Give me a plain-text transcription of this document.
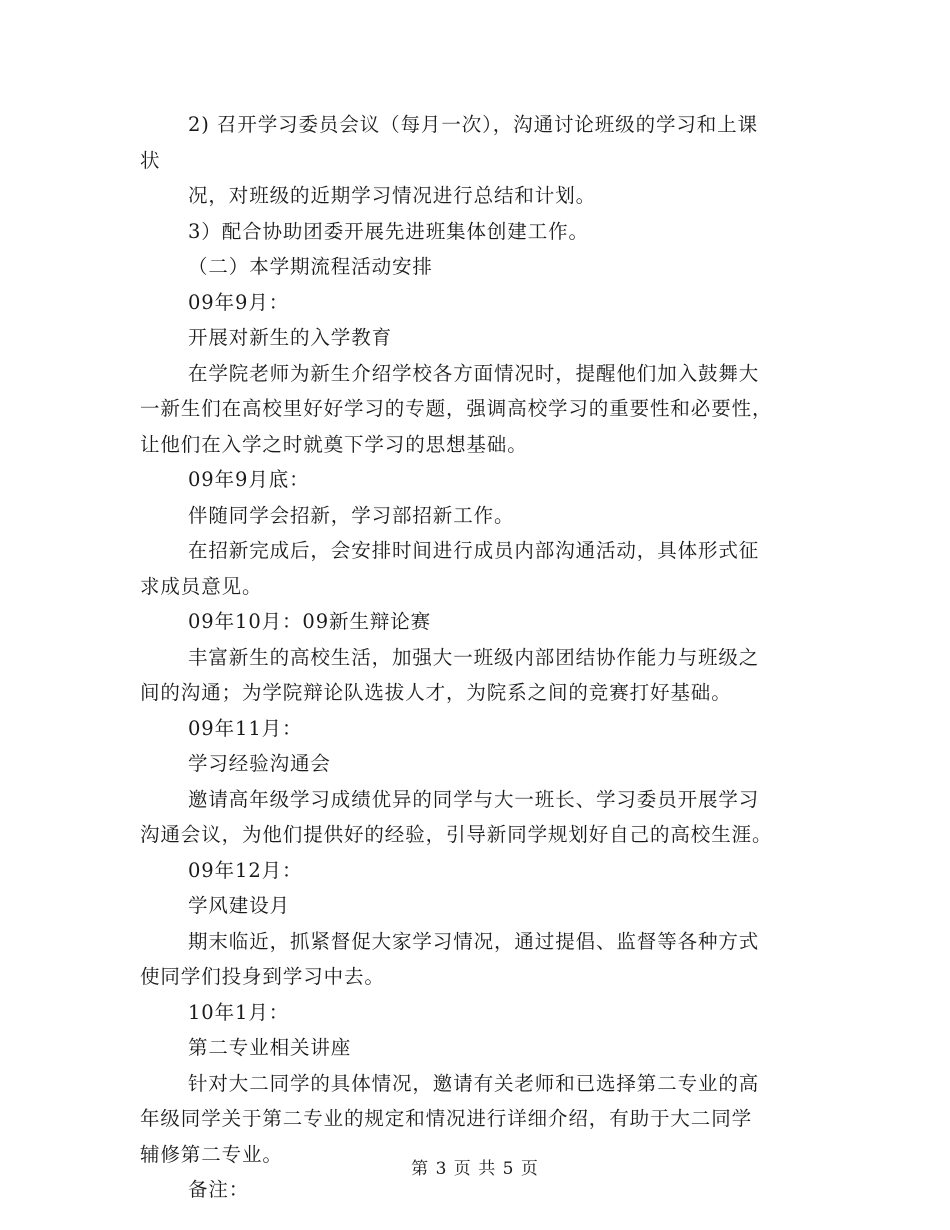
2) 召开学习委员会议（每月一次），沟通讨论班级的学习和上课

状

况，对班级的近期学习情况进行总结和计划。

3）配合协助团委开展先进班集体创建工作。

（二）本学期流程活动安排

09年9月：

开展对新生的入学教育

在学院老师为新生介绍学校各方面情况时，提醒他们加入鼓舞大

一新生们在高校里好好学习的专题，强调高校学习的重要性和必要性，

让他们在入学之时就奠下学习的思想基础。

09年9月底：

伴随同学会招新，学习部招新工作。

在招新完成后，会安排时间进行成员内部沟通活动，具体形式征

求成员意见。

09年10月：09新生辩论赛

丰富新生的高校生活，加强大一班级内部团结协作能力与班级之

间的沟通；为学院辩论队选拔人才，为院系之间的竞赛打好基础。

09年11月：

学习经验沟通会

邀请高年级学习成绩优异的同学与大一班长、学习委员开展学习

沟通会议，为他们提供好的经验，引导新同学规划好自己的高校生涯。

09年12月：

学风建设月

期末临近，抓紧督促大家学习情况，通过提倡、监督等各种方式

使同学们投身到学习中去。

10年1月：

第二专业相关讲座

针对大二同学的具体情况，邀请有关老师和已选择第二专业的高

年级同学关于第二专业的规定和情况进行详细介绍，有助于大二同学

辅修第二专业。

备注：

第 3 页 共 5 页
